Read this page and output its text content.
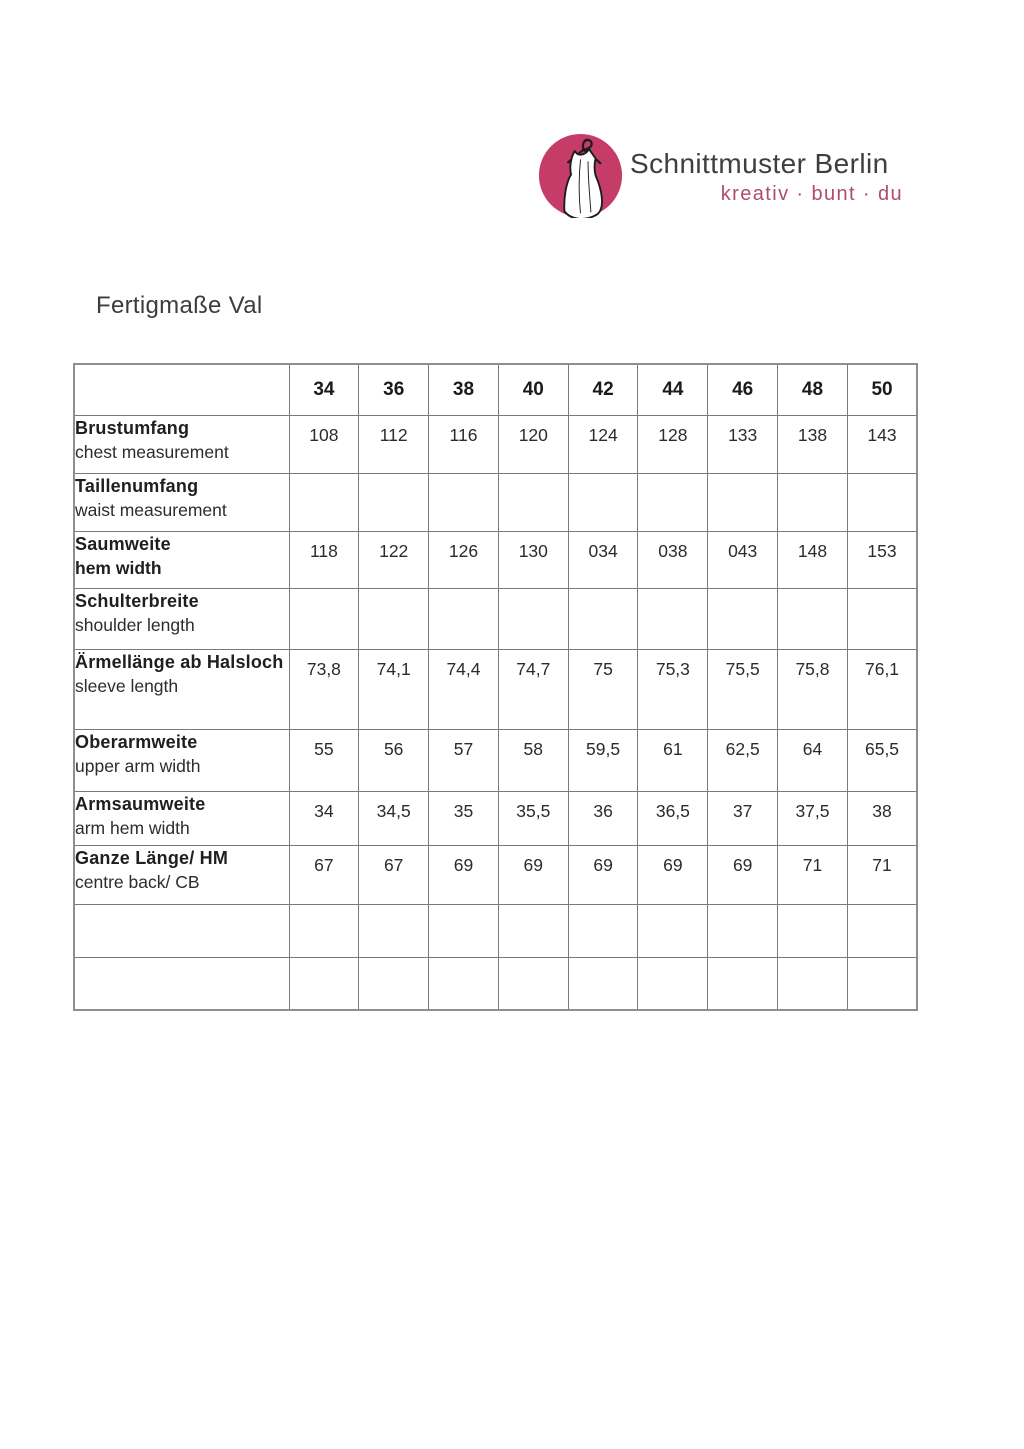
Schnittmuster Berlin
kreativ · bunt · du
Fertigmaße Val
	34	36	38	40	42	44	46	48	50

Brustumfang
chest measurement	108	112	116	120	124	128	133	138	143

Taillenumfang
waist measurement									

Saumweite
hem width	118	122	126	130	034	038	043	148	153

Schulterbreite
shoulder length									

Ärmellänge ab Halsloch
sleeve length	73,8	74,1	74,4	74,7	75	75,3	75,5	75,8	76,1

Oberarmweite
upper arm width	55	56	57	58	59,5	61	62,5	64	65,5

Armsaumweite
arm hem width	34	34,5	35	35,5	36	36,5	37	37,5	38

Ganze Länge/ HM
centre back/ CB	67	67	69	69	69	69	69	71	71
